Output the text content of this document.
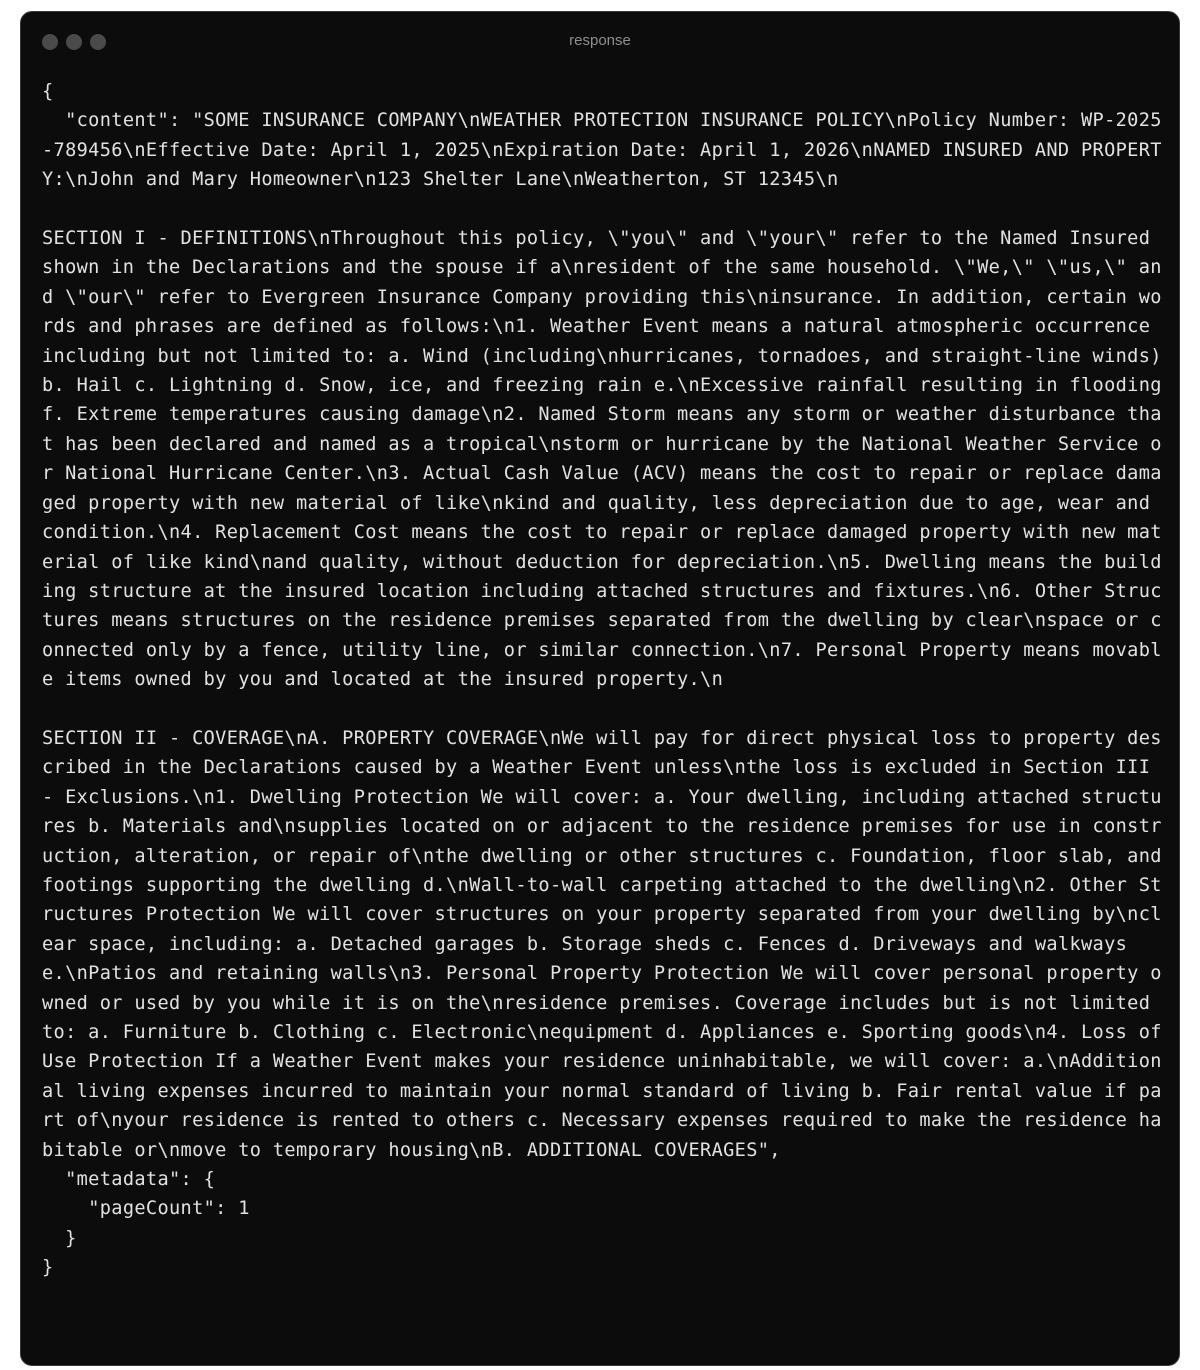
response
{
"content": "SOME INSURANCE COMPANY\nWEATHER PROTECTION INSURANCE POLICY\nPolicy Number: WP-2025-789456\nEffective Date: April 1, 2025\nExpiration Date: April 1, 2026\nNAMED INSURED AND PROPERTY:\nJohn and Mary Homeowner\n123 Shelter Lane\nWeatherton, ST 12345\n

SECTION I - DEFINITIONS\nThroughout this policy, \"you\" and \"your\" refer to the Named Insured shown in the Declarations and the spouse if a\nresident of the same household. \"We,\" \"us,\" and \"our\" refer to Evergreen Insurance Company providing this\ninsurance. In addition, certain words and phrases are defined as follows:\n1. Weather Event means a natural atmospheric occurrence including but not limited to: a. Wind (including\nhurricanes, tornadoes, and straight-line winds) b. Hail c. Lightning d. Snow, ice, and freezing rain e.\nExcessive rainfall resulting in flooding f. Extreme temperatures causing damage\n2. Named Storm means any storm or weather disturbance that has been declared and named as a tropical\nstorm or hurricane by the National Weather Service or National Hurricane Center.\n3. Actual Cash Value (ACV) means the cost to repair or replace damaged property with new material of like\nkind and quality, less depreciation due to age, wear and condition.\n4. Replacement Cost means the cost to repair or replace damaged property with new material of like kind\nand quality, without deduction for depreciation.\n5. Dwelling means the building structure at the insured location including attached structures and fixtures.\n6. Other Structures means structures on the residence premises separated from the dwelling by clear\nspace or connected only by a fence, utility line, or similar connection.\n7. Personal Property means movable items owned by you and located at the insured property.\n

SECTION II - COVERAGE\nA. PROPERTY COVERAGE\nWe will pay for direct physical loss to property described in the Declarations caused by a Weather Event unless\nthe loss is excluded in Section III - Exclusions.\n1. Dwelling Protection We will cover: a. Your dwelling, including attached structures b. Materials and\nsupplies located on or adjacent to the residence premises for use in construction, alteration, or repair of\nthe dwelling or other structures c. Foundation, floor slab, and footings supporting the dwelling d.\nWall-to-wall carpeting attached to the dwelling\n2. Other Structures Protection We will cover structures on your property separated from your dwelling by\nclear space, including: a. Detached garages b. Storage sheds c. Fences d. Driveways and walkways e.\nPatios and retaining walls\n3. Personal Property Protection We will cover personal property owned or used by you while it is on the\nresidence premises. Coverage includes but is not limited to: a. Furniture b. Clothing c. Electronic\nequipment d. Appliances e. Sporting goods\n4. Loss of Use Protection If a Weather Event makes your residence uninhabitable, we will cover: a.\nAdditional living expenses incurred to maintain your normal standard of living b. Fair rental value if part of\nyour residence is rented to others c. Necessary expenses required to make the residence habitable or\nmove to temporary housing\nB. ADDITIONAL COVERAGES",
"metadata": {
"pageCount": 1
}
}
